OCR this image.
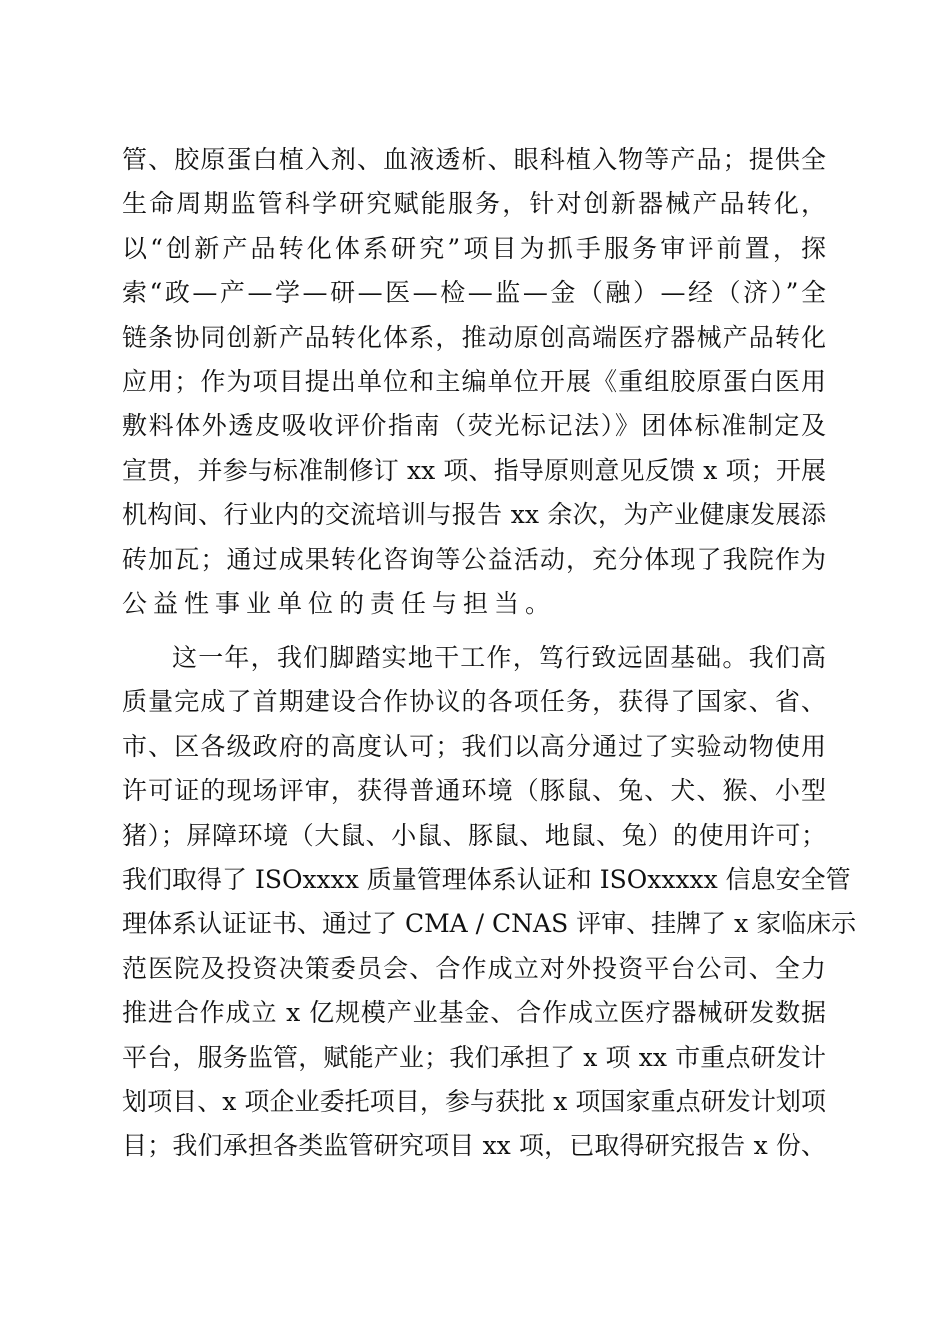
管、胶原蛋白植入剂、血液透析、眼科植入物等产品；提供全
生命周期监管科学研究赋能服务，针对创新器械产品转化，
以“创新产品转化体系研究”项目为抓手服务审评前置，探
索“政—产—学—研—医—检—监—金（融）—经（济）”全
链条协同创新产品转化体系，推动原创高端医疗器械产品转化
应用；作为项目提出单位和主编单位开展《重组胶原蛋白医用
敷料体外透皮吸收评价指南（荧光标记法）》团体标准制定及
宣贯，并参与标准制修订 xx 项、指导原则意见反馈 x 项；开展
机构间、行业内的交流培训与报告 xx 余次，为产业健康发展添
砖加瓦；通过成果转化咨询等公益活动，充分体现了我院作为
公益性事业单位的责任与担当。
这一年，我们脚踏实地干工作，笃行致远固基础。我们高
质量完成了首期建设合作协议的各项任务，获得了国家、省、
市、区各级政府的高度认可；我们以高分通过了实验动物使用
许可证的现场评审，获得普通环境（豚鼠、兔、犬、猴、小型
猪）；屏障环境（大鼠、小鼠、豚鼠、地鼠、兔）的使用许可；
我们取得了 ISOxxxx 质量管理体系认证和 ISOxxxxx 信息安全管
理体系认证证书、通过了 CMA / CNAS 评审、挂牌了 x 家临床示
范医院及投资决策委员会、合作成立对外投资平台公司、全力
推进合作成立 x 亿规模产业基金、合作成立医疗器械研发数据
平台，服务监管，赋能产业；我们承担了 x 项 xx 市重点研发计
划项目、x 项企业委托项目，参与获批 x 项国家重点研发计划项
目；我们承担各类监管研究项目 xx 项，已取得研究报告 x 份、
